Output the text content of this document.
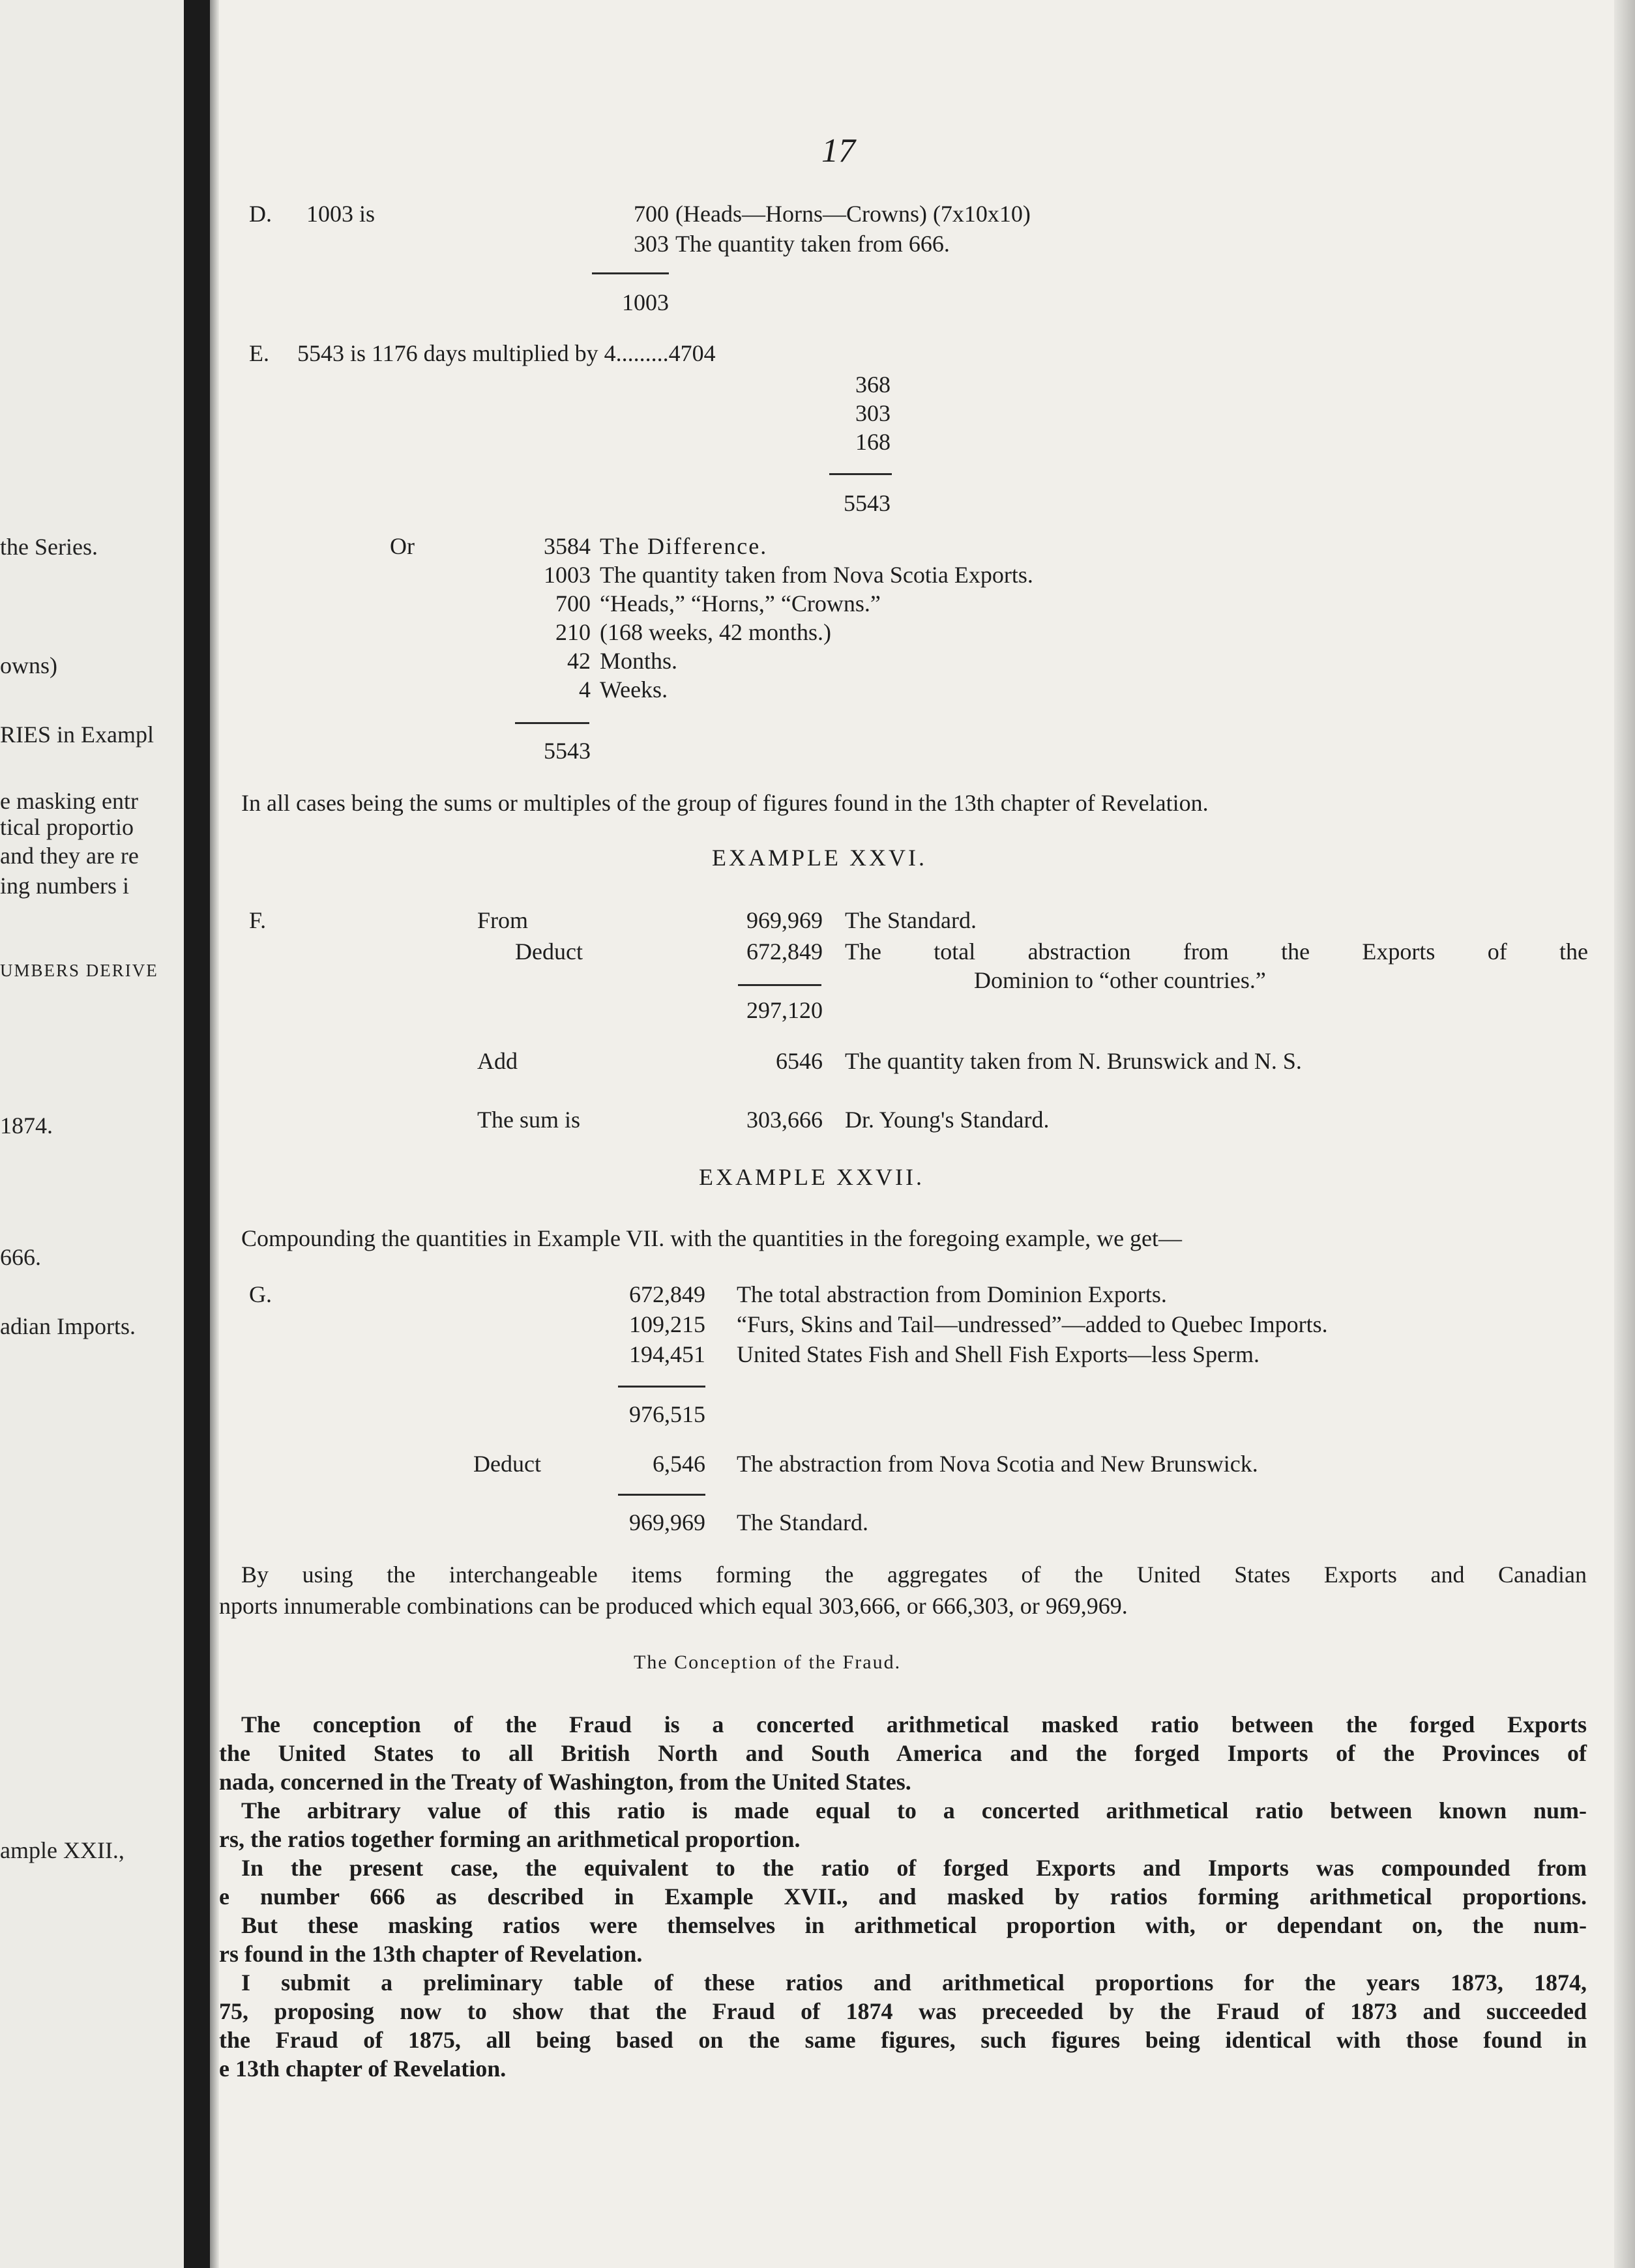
the Series.
owns)
RIES in Exampl
e masking entr
tical proportio
and they are re
ing numbers i
UMBERS DERIVE
1874.
666.
adian Imports.
ample XXII.,
17
D. 1003 is	700 (Heads—Horns—Crowns) (7x10x10)
303 The quantity taken from 666.
1003
E. 5543 is 1176 days multiplied by 4.........4704
368
303
168
5543
Or	3584 The Difference.
1003 The quantity taken from Nova Scotia Exports.
700 “Heads,” “Horns,” “Crowns.”
210 (168 weeks, 42 months.)
42 Months.
4 Weeks.
5543
In all cases being the sums or multiples of the group of figures found in the 13th chapter of Revelation.
EXAMPLE XXVI.
F.	From	969,969 The Standard.
Deduct	672,849 The total abstraction from the Exports of the
Dominion to “other countries.”
297,120
Add	6546 The quantity taken from N. Brunswick and N. S.
The sum is	303,666 Dr. Young's Standard.
EXAMPLE XXVII.
Compounding the quantities in Example VII. with the quantities in the foregoing example, we get—
G.	672,849 The total abstraction from Dominion Exports.
109,215 “Furs, Skins and Tail—undressed”—added to Quebec Imports.
194,451 United States Fish and Shell Fish Exports—less Sperm.
976,515
Deduct	6,546 The abstraction from Nova Scotia and New Brunswick.
969,969 The Standard.
By using the interchangeable items forming the aggregates of the United States Exports and Canadian
nports innumerable combinations can be produced which equal 303,666, or 666,303, or 969,969.
The Conception of the Fraud.
The conception of the Fraud is a concerted arithmetical masked ratio between the forged Exports
the United States to all British North and South America and the forged Imports of the Provinces of
nada, concerned in the Treaty of Washington, from the United States.
The arbitrary value of this ratio is made equal to a concerted arithmetical ratio between known num-
rs, the ratios together forming an arithmetical proportion.
In the present case, the equivalent to the ratio of forged Exports and Imports was compounded from
e number 666 as described in Example XVII., and masked by ratios forming arithmetical proportions.
But these masking ratios were themselves in arithmetical proportion with, or dependant on, the num-
rs found in the 13th chapter of Revelation.
I submit a preliminary table of these ratios and arithmetical proportions for the years 1873, 1874,
75, proposing now to show that the Fraud of 1874 was preceeded by the Fraud of 1873 and succeeded
the Fraud of 1875, all being based on the same figures, such figures being identical with those found in
e 13th chapter of Revelation.
